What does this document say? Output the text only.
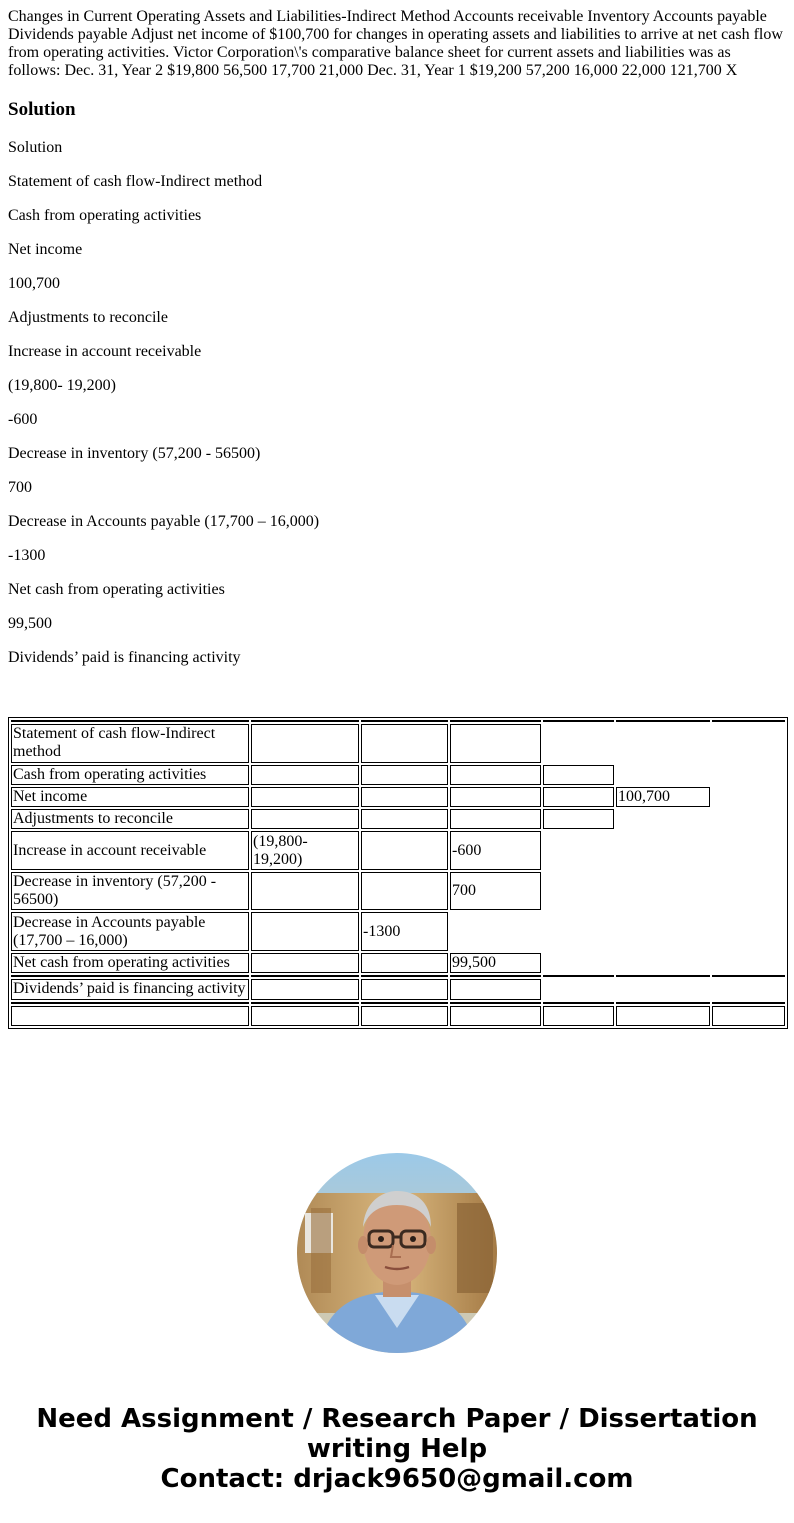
Changes in Current Operating Assets and Liabilities-Indirect Method Accounts receivable Inventory Accounts payable Dividends payable Adjust net income of $100,700 for changes in operating assets and liabilities to arrive at net cash flow from operating activities. Victor Corporation\'s comparative balance sheet for current assets and liabilities was as follows: Dec. 31, Year 2 $19,800 56,500 17,700 21,000 Dec. 31, Year 1 $19,200 57,200 16,000 22,000 121,700 X

Solution

Solution

Statement of cash flow-Indirect method

Cash from operating activities

Net income

100,700

Adjustments to reconcile

Increase in account receivable

(19,800- 19,200)

-600

Decrease in inventory (57,200 - 56500)

700

Decrease in Accounts payable (17,700 – 16,000)

-1300

Net cash from operating activities

99,500

Dividends’ paid is financing activity

Statement of cash flow-Indirect method						
Cash from operating activities						
Net income					100,700	
Adjustments to reconcile						
Increase in account receivable	(19,800- 19,200)		-600			
Decrease in inventory (57,200 - 56500)			700			
Decrease in Accounts payable (17,700 – 16,000)		-1300				
Net cash from operating activities			99,500			

Dividends’ paid is financing activity						

Need Assignment / Research Paper / Dissertation
writing Help
Contact: drjack9650@gmail.com
